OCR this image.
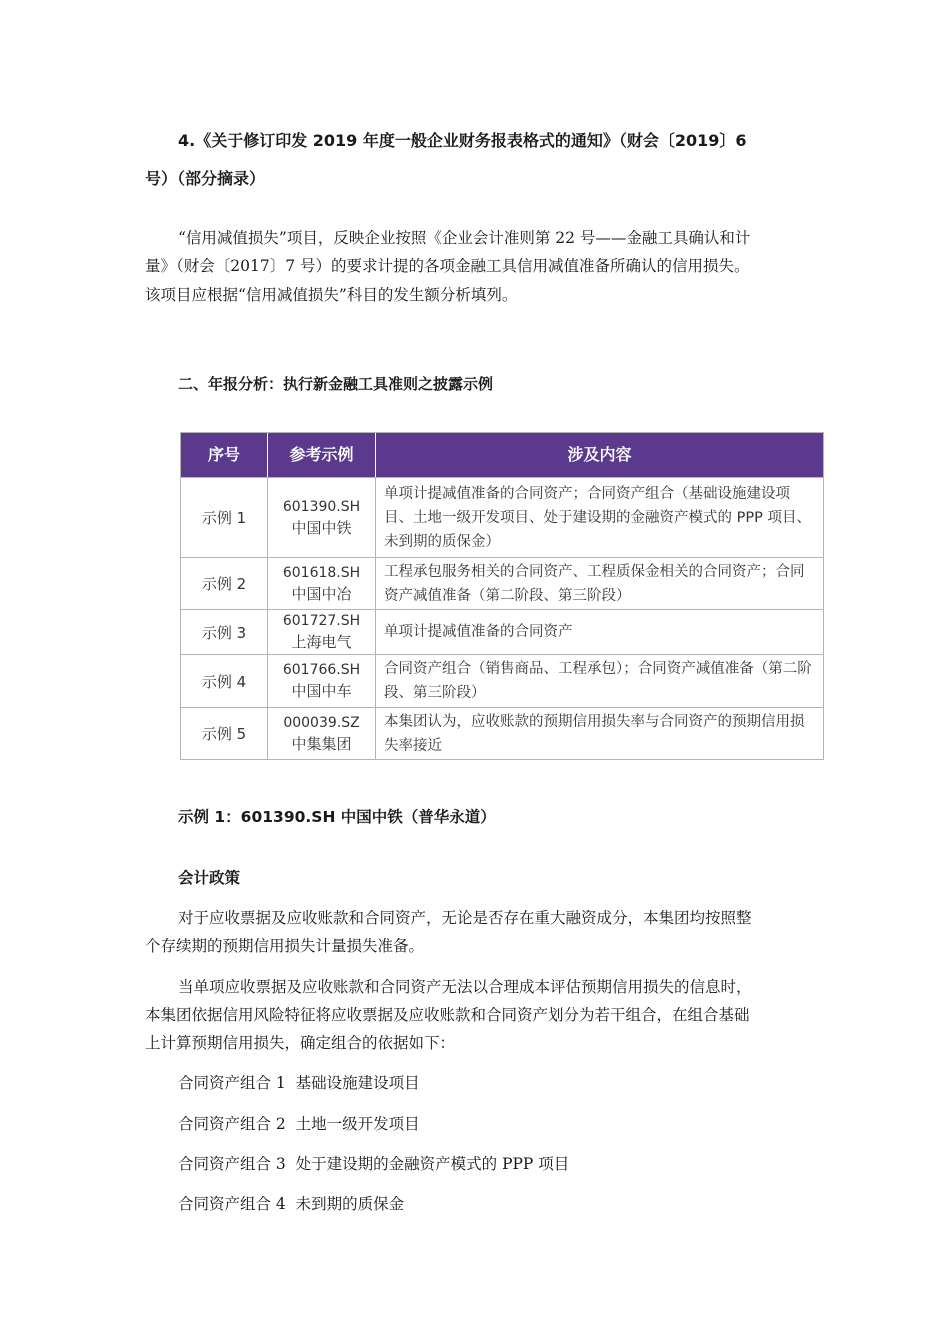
4.《关于修订印发 2019 年度一般企业财务报表格式的通知》（财会〔2019〕6
号）（部分摘录）
“信用减值损失”项目，反映企业按照《企业会计准则第 22 号——金融工具确认和计
量》（财会〔2017〕7 号）的要求计提的各项金融工具信用减值准备所确认的信用损失。
该项目应根据“信用减值损失”科目的发生额分析填列。
二、年报分析：执行新金融工具准则之披露示例
序号	参考示例	涉及内容
示例 1
601390.SH
中国中铁
单项计提减值准备的合同资产；合同资产组合（基础设施建设项目、土地一级开发项目、处于建设期的金融资产模式的 PPP 项目、未到期的质保金）
示例 2
601618.SH
中国中冶
工程承包服务相关的合同资产、工程质保金相关的合同资产；合同资产减值准备（第二阶段、第三阶段）
示例 3
601727.SH
上海电气
单项计提减值准备的合同资产
示例 4
601766.SH
中国中车
合同资产组合（销售商品、工程承包）；合同资产减值准备（第二阶段、第三阶段）
示例 5
000039.SZ
中集集团
本集团认为，应收账款的预期信用损失率与合同资产的预期信用损失率接近
示例 1：601390.SH 中国中铁（普华永道）
会计政策
对于应收票据及应收账款和合同资产，无论是否存在重大融资成分，本集团均按照整
个存续期的预期信用损失计量损失准备。
当单项应收票据及应收账款和合同资产无法以合理成本评估预期信用损失的信息时，
本集团依据信用风险特征将应收票据及应收账款和合同资产划分为若干组合，在组合基础
上计算预期信用损失，确定组合的依据如下：
合同资产组合 1  基础设施建设项目
合同资产组合 2  土地一级开发项目
合同资产组合 3  处于建设期的金融资产模式的 PPP 项目
合同资产组合 4  未到期的质保金
